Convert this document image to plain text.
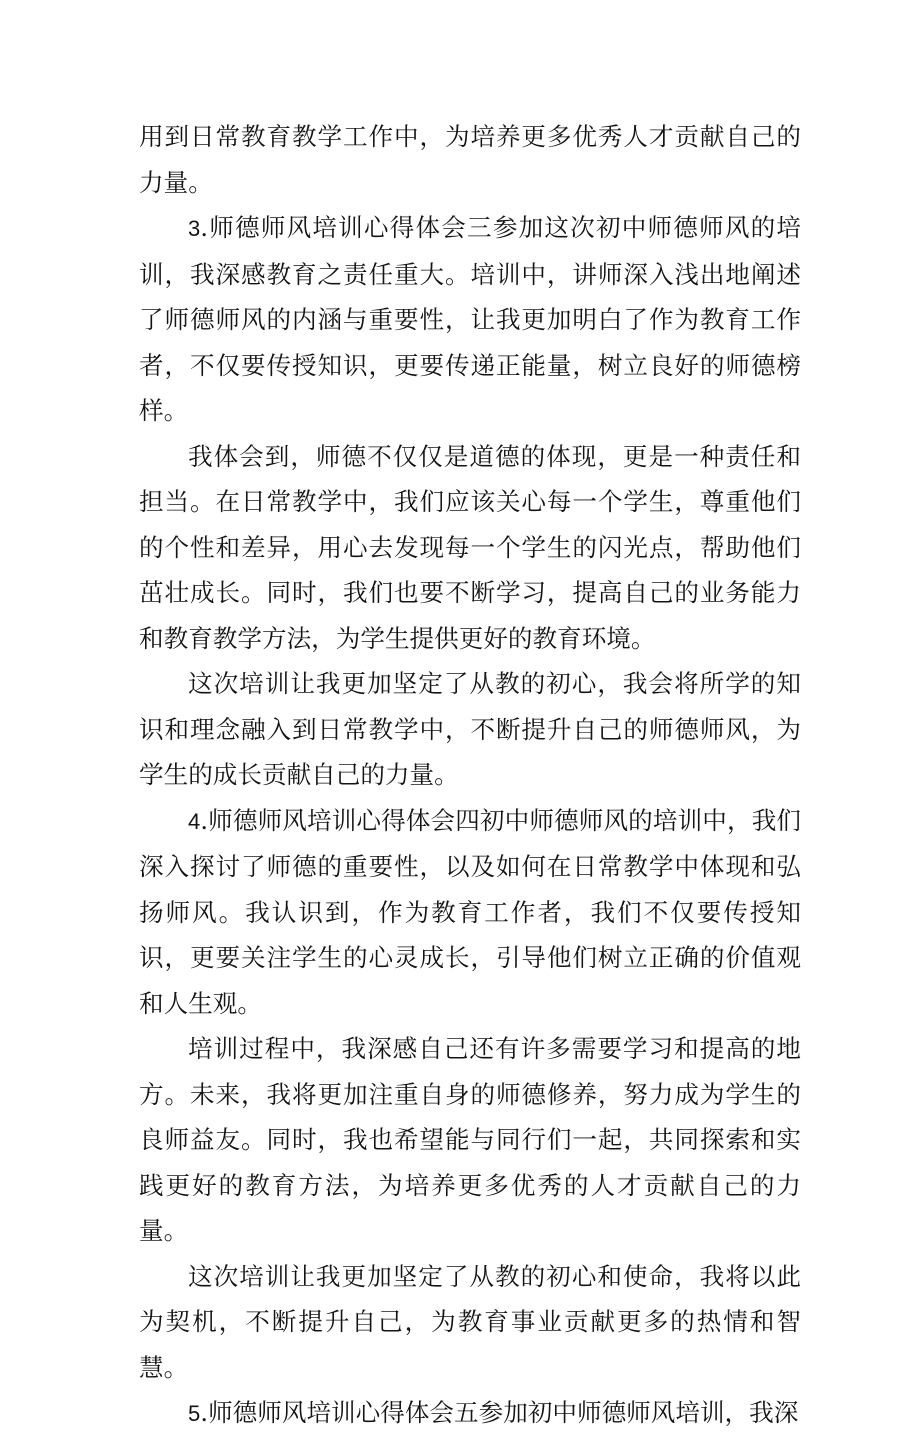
用到日常教育教学工作中，为培养更多优秀人才贡献自己的力量。

3.师德师风培训心得体会三参加这次初中师德师风的培训，我深感教育之责任重大。培训中，讲师深入浅出地阐述了师德师风的内涵与重要性，让我更加明白了作为教育工作者，不仅要传授知识，更要传递正能量，树立良好的师德榜样。

我体会到，师德不仅仅是道德的体现，更是一种责任和担当。在日常教学中，我们应该关心每一个学生，尊重他们的个性和差异，用心去发现每一个学生的闪光点，帮助他们茁壮成长。同时，我们也要不断学习，提高自己的业务能力和教育教学方法，为学生提供更好的教育环境。

这次培训让我更加坚定了从教的初心，我会将所学的知识和理念融入到日常教学中，不断提升自己的师德师风，为学生的成长贡献自己的力量。

4.师德师风培训心得体会四初中师德师风的培训中，我们深入探讨了师德的重要性，以及如何在日常教学中体现和弘扬师风。我认识到，作为教育工作者，我们不仅要传授知识，更要关注学生的心灵成长，引导他们树立正确的价值观和人生观。

培训过程中，我深感自己还有许多需要学习和提高的地方。未来，我将更加注重自身的师德修养，努力成为学生的良师益友。同时，我也希望能与同行们一起，共同探索和实践更好的教育方法，为培养更多优秀的人才贡献自己的力量。

这次培训让我更加坚定了从教的初心和使命，我将以此为契机，不断提升自己，为教育事业贡献更多的热情和智慧。

5.师德师风培训心得体会五参加初中师德师风培训，我深
